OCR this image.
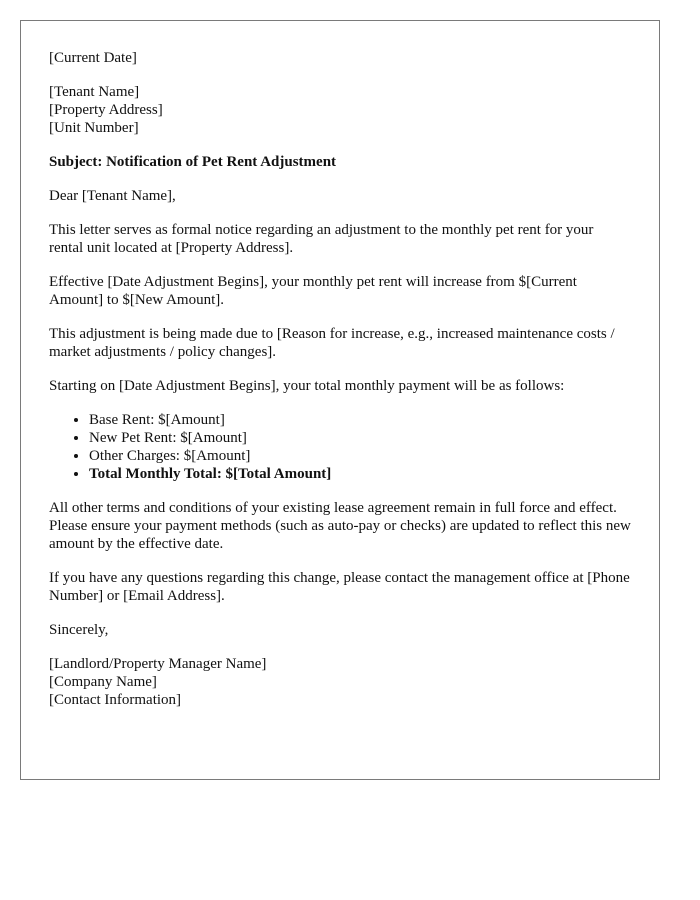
[Current Date]

[Tenant Name]
[Property Address]
[Unit Number]

Subject: Notification of Pet Rent Adjustment

Dear [Tenant Name],

This letter serves as formal notice regarding an adjustment to the monthly pet rent for your rental unit located at [Property Address].

Effective [Date Adjustment Begins], your monthly pet rent will increase from $[Current Amount] to $[New Amount].

This adjustment is being made due to [Reason for increase, e.g., increased maintenance costs / market adjustments / policy changes].

Starting on [Date Adjustment Begins], your total monthly payment will be as follows:

• Base Rent: $[Amount]
• New Pet Rent: $[Amount]
• Other Charges: $[Amount]
• Total Monthly Total: $[Total Amount]

All other terms and conditions of your existing lease agreement remain in full force and effect. Please ensure your payment methods (such as auto-pay or checks) are updated to reflect this new amount by the effective date.

If you have any questions regarding this change, please contact the management office at [Phone Number] or [Email Address].

Sincerely,

[Landlord/Property Manager Name]
[Company Name]
[Contact Information]
